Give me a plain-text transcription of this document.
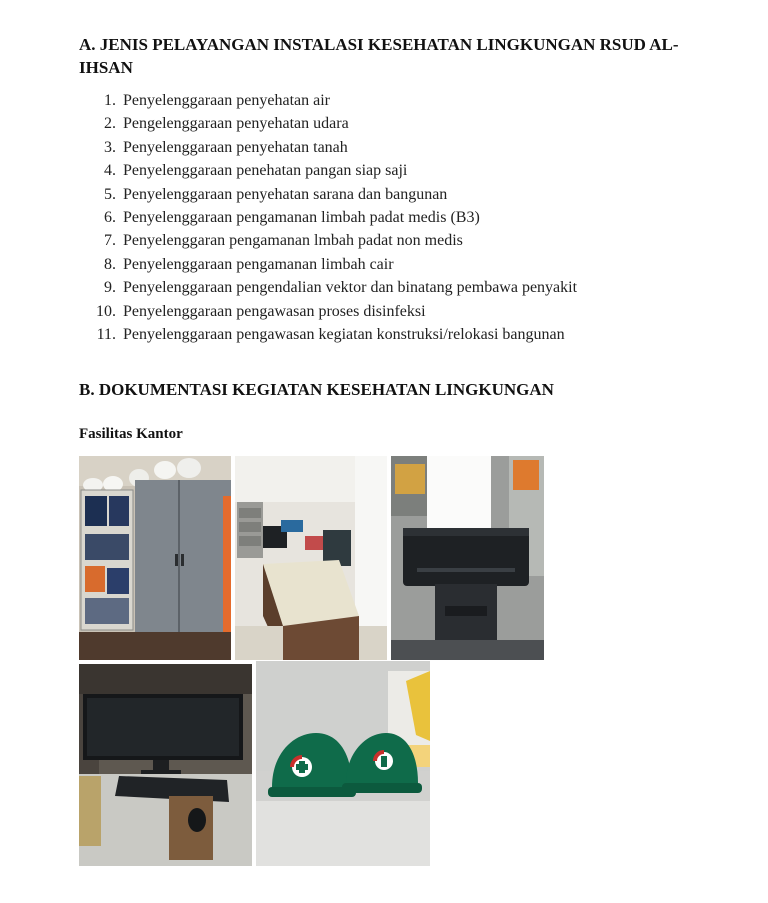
A. JENIS PELAYANGAN INSTALASI KESEHATAN LINGKUNGAN RSUD AL-IHSAN
1. Penyelenggaraan penyehatan air
2. Pengelenggaraan penyehatan udara
3. Penyelenggaraan penyehatan tanah
4. Penyelenggaraan penehatan pangan siap saji
5. Penyelenggaraan penyehatan sarana dan bangunan
6. Penyelenggaraan pengamanan limbah padat medis (B3)
7. Penyelenggaran pengamanan lmbah padat non medis
8. Penyelenggaraan pengamanan limbah cair
9. Penyelenggaraan pengendalian vektor dan binatang pembawa penyakit
10. Penyelenggaraan pengawasan proses disinfeksi
11. Penyelenggaraan pengawasan kegiatan konstruksi/relokasi bangunan
B. DOKUMENTASI KEGIATAN KESEHATAN LINGKUNGAN
Fasilitas Kantor
